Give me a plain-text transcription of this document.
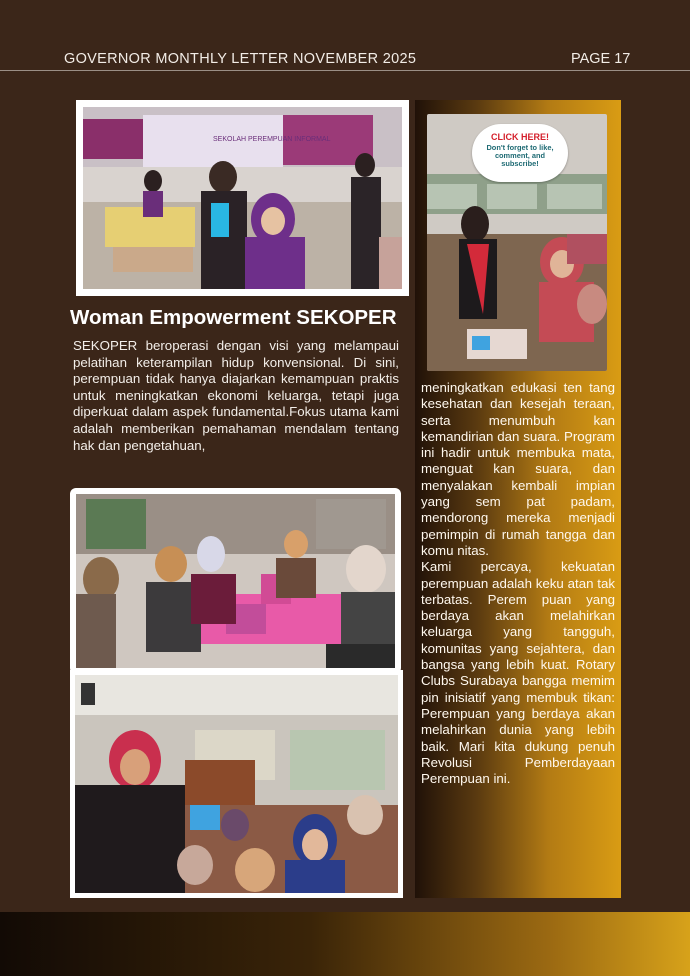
GOVERNOR MONTHLY LETTER NOVEMBER 2025	PAGE 17
SEKOLAH PEREMPUAN INFORMAL
Woman Empowerment SEKOPER
SEKOPER beroperasi dengan visi yang melampaui pelatihan keterampilan hidup konvensional. Di sini, perempuan tidak hanya diajarkan kemampuan praktis untuk meningkatkan ekonomi keluarga, tetapi juga diperkuat dalam aspek fundamental.Fokus utama kami adalah memberikan pemahaman mendalam tentang hak dan pengetahuan,
CLICK HERE!
Don't forget to like, comment, and subscribe!

meningkatkan edukasi ten tang kesehatan dan kesejah teraan, serta menumbuh kan kemandirian dan suara. Program ini hadir untuk membuka mata, menguat kan suara, dan menyalakan kembali impian yang sem pat padam, mendorong mereka menjadi pemimpin di rumah tangga dan komu nitas.

Kami percaya, kekuatan perempuan adalah keku atan tak terbatas. Perem puan yang berdaya akan melahirkan keluarga yang tangguh, komunitas yang sejahtera, dan bangsa yang lebih kuat. Rotary Clubs Surabaya bangga memim pin inisiatif yang membuk tikan: Perempuan yang berdaya akan melahirkan dunia yang lebih baik. Mari kita dukung penuh Revolusi Pemberdayaan Perempuan ini.
